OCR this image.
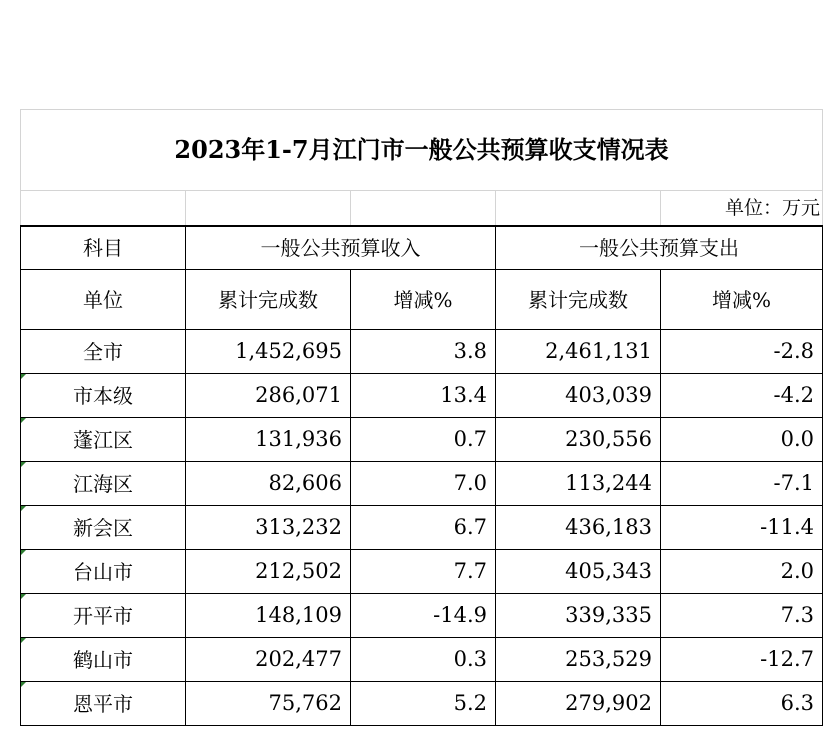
2023年1-7月江门市一般公共预算收支情况表				
				单位：万元
科目	一般公共预算收入		一般公共预算支出	
单位	累计完成数	增减%	累计完成数	增减%
全市	1,452,695	3.8	2,461,131	-2.8

市本级	286,071	13.4	403,039	-4.2

蓬江区	131,936	0.7	230,556	0.0

江海区	82,606	7.0	113,244	-7.1

新会区	313,232	6.7	436,183	-11.4

台山市	212,502	7.7	405,343	2.0

开平市	148,109	-14.9	339,335	7.3

鹤山市	202,477	0.3	253,529	-12.7

恩平市	75,762	5.2	279,902	6.3
